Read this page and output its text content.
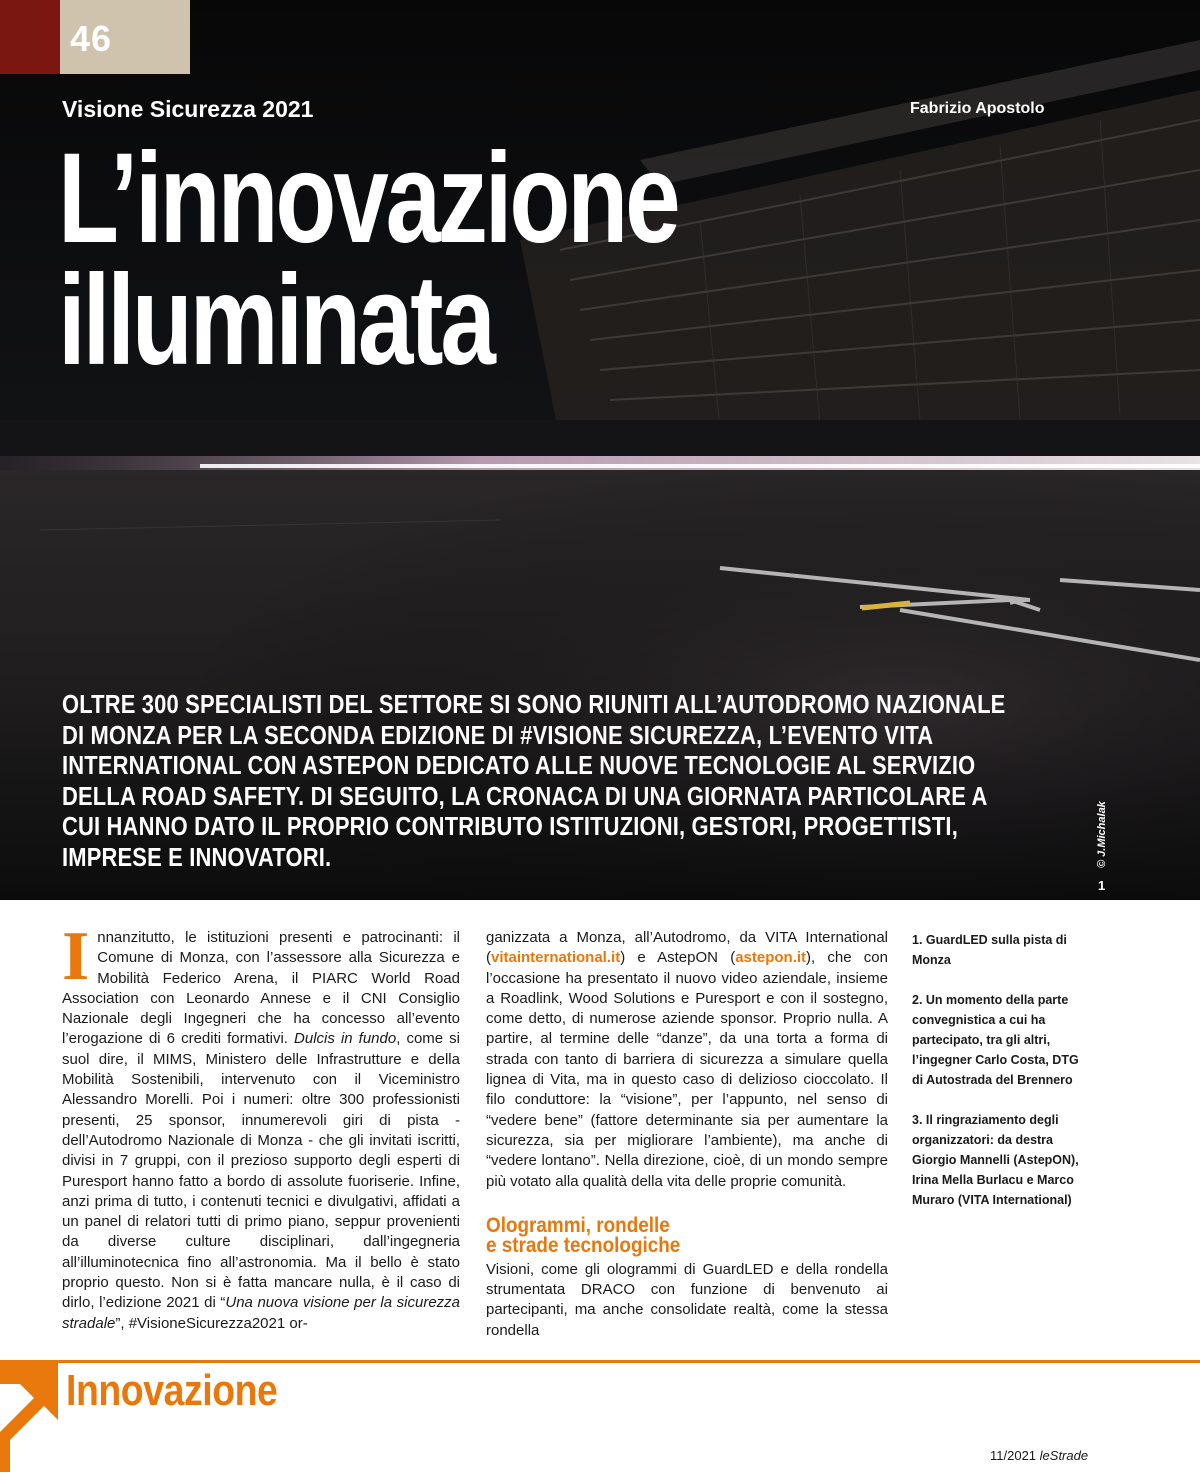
46
Visione Sicurezza 2021	Fabrizio Apostolo
L’innovazione
illuminata
OLTRE 300 SPECIALISTI DEL SETTORE SI SONO RIUNITI ALL’AUTODROMO NAZIONALE DI MONZA PER LA SECONDA EDIZIONE DI #VISIONE SICUREZZA, L’EVENTO VITA INTERNATIONAL CON ASTEPON DEDICATO ALLE NUOVE TECNOLOGIE AL SERVIZIO DELLA ROAD SAFETY. DI SEGUITO, LA CRONACA DI UNA GIORNATA PARTICOLARE A CUI HANNO DATO IL PROPRIO CONTRIBUTO ISTITUZIONI, GESTORI, PROGETTISTI, IMPRESE E INNOVATORI.	© J.Michalak
1

Innanzitutto, le istituzioni presenti e patrocinanti: il Comune di Monza, con l’assessore alla Sicurezza e Mobilità Federico Arena, il PIARC World Road Association con Leonardo Annese e il CNI Consiglio Nazionale degli Ingegneri che ha concesso all’evento l’erogazione di 6 crediti formativi. Dulcis in fundo, come si suol dire, il MIMS, Ministero delle Infrastrutture e della Mobilità Sostenibili, intervenuto con il Viceministro Alessandro Morelli. Poi i numeri: oltre 300 professionisti presenti, 25 sponsor, innumerevoli giri di pista - dell’Autodromo Nazionale di Monza - che gli invitati iscritti, divisi in 7 gruppi, con il prezioso supporto degli esperti di Puresport hanno fatto a bordo di assolute fuoriserie. Infine, anzi prima di tutto, i contenuti tecnici e divulgativi, affidati a un panel di relatori tutti di primo piano, seppur provenienti da diverse culture disciplinari, dall’ingegneria all’illuminotecnica fino all’astronomia. Ma il bello è stato proprio questo. Non si è fatta mancare nulla, è il caso di dirlo, l’edizione 2021 di “Una nuova visione per la sicurezza stradale”, #VisioneSicurezza2021 or-

ganizzata a Monza, all’Autodromo, da VITA International (vitainternational.it) e AstepON (astepon.it), che con l’occasione ha presentato il nuovo video aziendale, insieme a Roadlink, Wood Solutions e Puresport e con il sostegno, come detto, di numerose aziende sponsor. Proprio nulla. A partire, al termine delle “danze”, da una torta a forma di strada con tanto di barriera di sicurezza a simulare quella lignea di Vita, ma in questo caso di delizioso cioccolato. Il filo conduttore: la “visione”, per l’appunto, nel senso di “vedere bene” (fattore determinante sia per aumentare la sicurezza, sia per migliorare l’ambiente), ma anche di “vedere lontano”. Nella direzione, cioè, di un mondo sempre più votato alla qualità della vita delle proprie comunità.

Ologrammi, rondelle
e strade tecnologiche

Visioni, come gli ologrammi di GuardLED e della rondella strumentata DRACO con funzione di benvenuto ai partecipanti, ma anche consolidate realtà, come la stessa rondella

1. GuardLED sulla pista di Monza
2. Un momento della parte convegnistica a cui ha partecipato, tra gli altri, l’ingegner Carlo Costa, DTG di Autostrada del Brennero
3. Il ringraziamento degli organizzatori: da destra Giorgio Mannelli (AstepON), Irina Mella Burlacu e Marco Muraro (VITA International)
Innovazione
11/2021 leStrade
